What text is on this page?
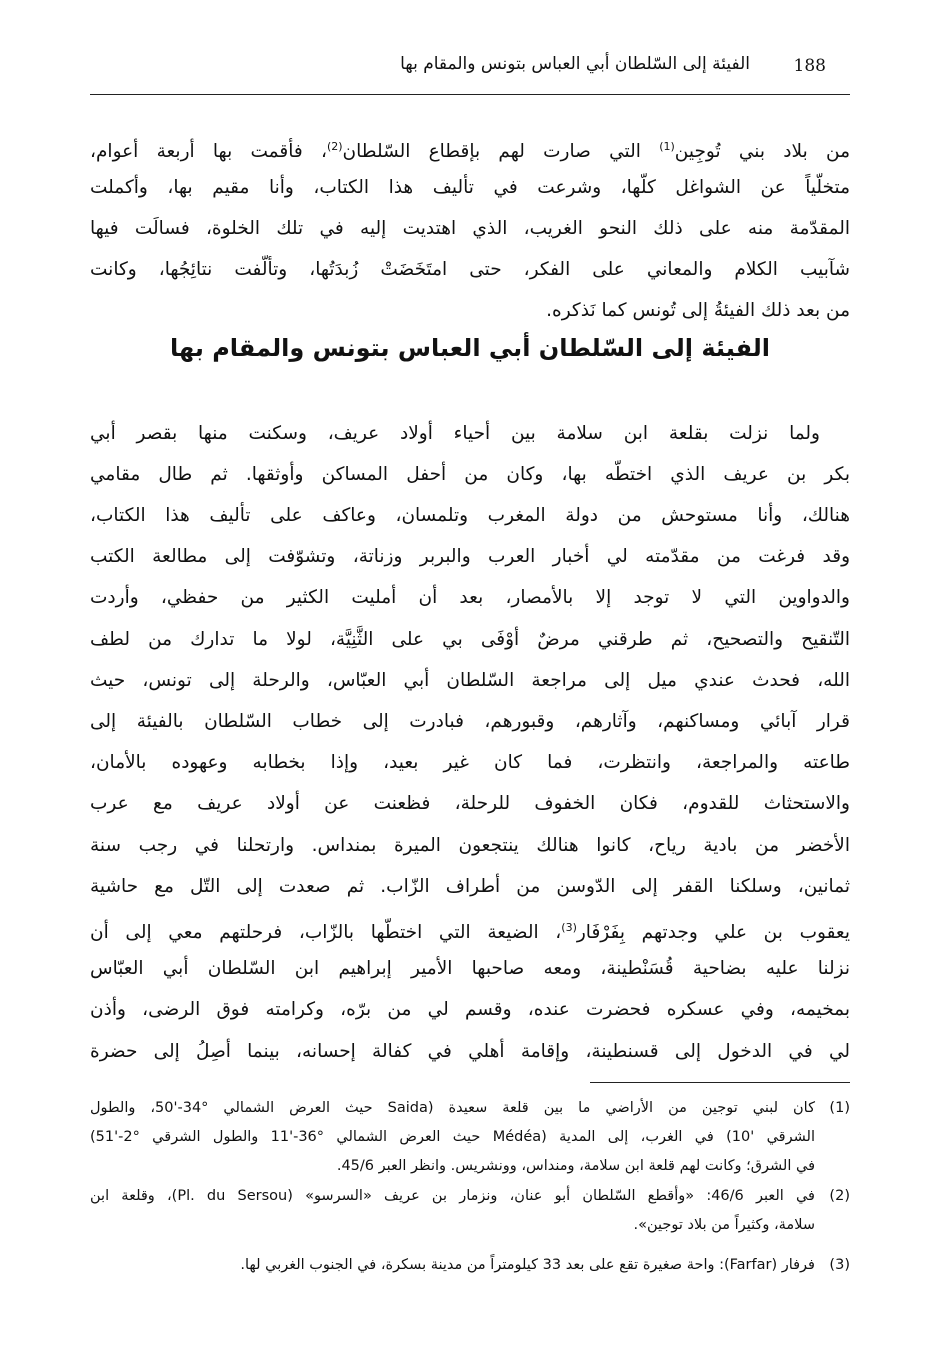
الفيئة إلى السّلطان أبي العباس بتونس والمقام بها	188
من بلاد بني تُوجِين$^{(1)}$ التي صارت لهم بإقطاع السّلطان$^{(2)}$، فأقمت بها أربعة أعوام،
متخلّياً عن الشواغل كلّها، وشرعت في تأليف هذا الكتاب، وأنا مقيم بها، وأكملت
المقدّمة منه على ذلك النحو الغريب، الذي اهتديت إليه في تلك الخلوة، فسالَت فيها
شآبيب الكلام والمعاني على الفكر، حتى امتَخَضَتْ زُبدَتُها، وتألّفت نتائِجُها، وكانت
من بعد ذلك الفيئةُ إلى تُونس كما نَذكره.
الفيئة إلى السّلطان أبي العباس بتونس والمقام بها
ولما نزلت بقلعة ابن سلامة بين أحياء أولاد عريف، وسكنت منها بقصر أبي
بكر بن عريف الذي اختطّه بها، وكان من أحفل المساكن وأوثقها. ثم طال مقامي
هنالك، وأنا مستوحش من دولة المغرب وتلمسان، وعاكف على تأليف هذا الكتاب،
وقد فرغت من مقدّمته لي أخبار العرب والبربر وزناتة، وتشوّفت إلى مطالعة الكتب
والدواوين التي لا توجد إلا بالأمصار، بعد أن أمليت الكثير من حفظي، وأردت
التّنقيح والتصحيح، ثم طرقني مرضٌ أوْفَى بي على الثَّنِيَّة، لولا ما تدارك من لطف
الله، فحدث عندي ميل إلى مراجعة السّلطان أبي العبّاس، والرحلة إلى تونس، حيث
قرار آبائي ومساكنهم، وآثارهم، وقبورهم، فبادرت إلى خطاب السّلطان بالفيئة إلى
طاعته والمراجعة، وانتظرت، فما كان غير بعيد، وإذا بخطابه وعهوده بالأمان،
والاستحثاث للقدوم، فكان الخفوف للرحلة، فظعنت عن أولاد عريف مع عرب
الأخضر من بادية رياح، كانوا هنالك ينتجعون الميرة بمنداس. وارتحلنا في رجب سنة
ثمانين، وسلكنا القفر إلى الدّوسن من أطراف الزّاب. ثم صعدت إلى التّل مع حاشية
يعقوب بن علي وجدتهم بِفَرْفَار$^{(3)}$، الضيعة التي اختطّها بالزّاب، فرحلتهم معي إلى أن
نزلنا عليه بضاحية قُسَنْطينة، ومعه صاحبها الأمير إبراهيم ابن السّلطان أبي العبّاس
بمخيمه، وفي عسكره فحضرت عنده، وقسم لي من برّه، وكرامته فوق الرضى، وأذن
لي في الدخول إلى قسنطينة، وإقامة أهلي في كفالة إحسانه، بينما أصِلُ إلى حضرة
(1)
كان لبني توجين من الأراضي ما بين قلعة سعيدة (Saida حيث العرض الشمالي °34-'50، والطول
الشرقي '10) في الغرب، إلى المدية (Médéa حيث العرض الشمالي °36-'11 والطول الشرقي °2-'51)
في الشرق؛ وكانت لهم قلعة ابن سلامة، ومنداس، وونشريس. وانظر العبر 45/6.
(2)
في العبر 46/6: «وأقطع السّلطان أبو عنان، ونزمار بن عريف «السرسو» (Pl. du Sersou)، وقلعة ابن
سلامة، وكثيراً من بلاد توجين».
(3)
فرفار (Farfar): واحة صغيرة تقع على بعد 33 كيلومتراً من مدينة بسكرة، في الجنوب الغربي لها.
